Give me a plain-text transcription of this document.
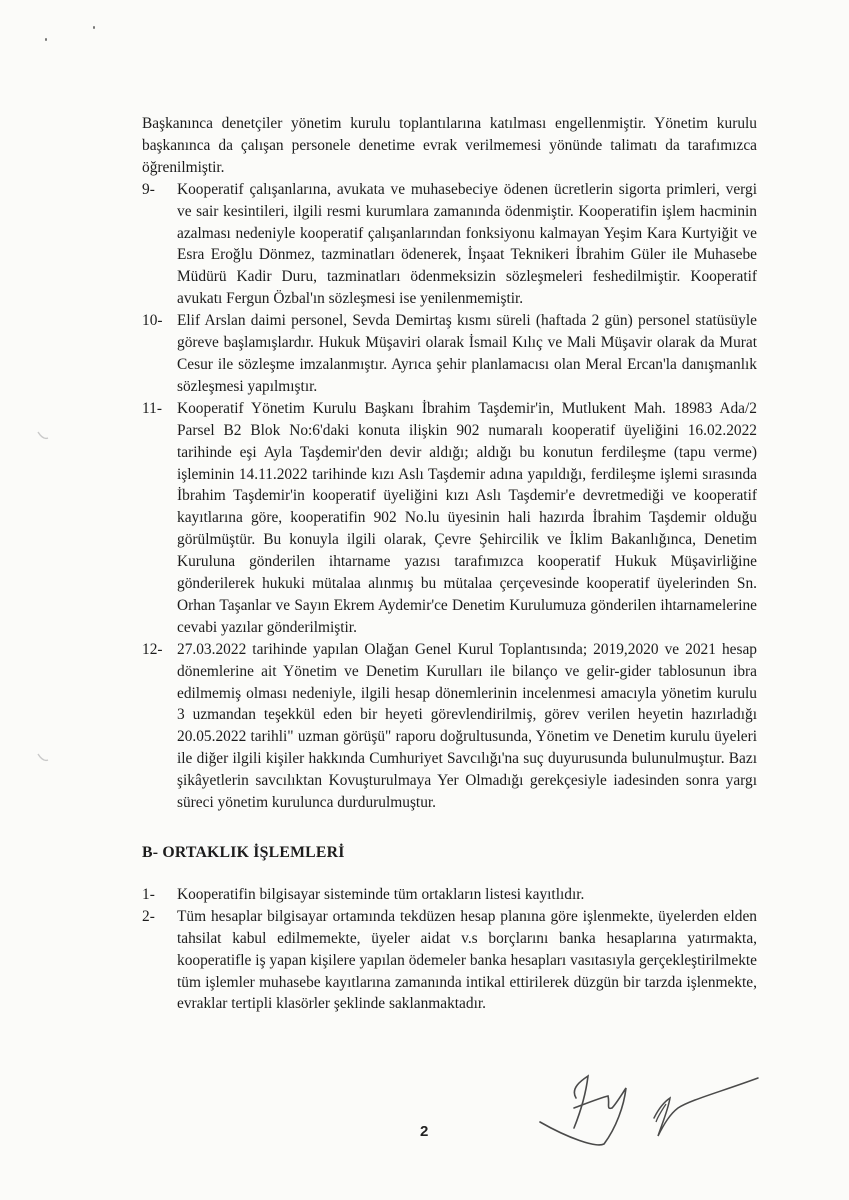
Başkanınca denetçiler yönetim kurulu toplantılarına katılması engellenmiştir. Yönetim kurulu başkanınca da çalışan personele denetime evrak verilmemesi yönünde talimatı da tarafımızca öğrenilmiştir.

9-	Kooperatif çalışanlarına, avukata ve muhasebeciye ödenen ücretlerin sigorta primleri, vergi ve sair kesintileri, ilgili resmi kurumlara zamanında ödenmiştir. Kooperatifin işlem hacminin azalması nedeniyle kooperatif çalışanlarından fonksiyonu kalmayan Yeşim Kara Kurtyiğit ve Esra Eroğlu Dönmez, tazminatları ödenerek, İnşaat Teknikeri İbrahim Güler ile Muhasebe Müdürü Kadir Duru, tazminatları ödenmeksizin sözleşmeleri feshedilmiştir. Kooperatif avukatı Fergun Özbal'ın sözleşmesi ise yenilenmemiştir.
10- Elif Arslan daimi personel, Sevda Demirtaş kısmı süreli (haftada 2 gün) personel statüsüyle göreve başlamışlardır. Hukuk Müşaviri olarak İsmail Kılıç ve Mali Müşavir olarak da Murat Cesur ile sözleşme imzalanmıştır. Ayrıca şehir planlamacısı olan Meral Ercan'la danışmanlık sözleşmesi yapılmıştır.
11- Kooperatif Yönetim Kurulu Başkanı İbrahim Taşdemir'in, Mutlukent Mah. 18983 Ada/2 Parsel B2 Blok No:6'daki konuta ilişkin 902 numaralı kooperatif üyeliğini 16.02.2022 tarihinde eşi Ayla Taşdemir'den devir aldığı; aldığı bu konutun ferdileşme (tapu verme) işleminin 14.11.2022 tarihinde kızı Aslı Taşdemir adına yapıldığı, ferdileşme işlemi sırasında İbrahim Taşdemir'in kooperatif üyeliğini kızı Aslı Taşdemir'e devretmediği ve kooperatif kayıtlarına göre, kooperatifin 902 No.lu üyesinin hali hazırda İbrahim Taşdemir olduğu görülmüştür. Bu konuyla ilgili olarak, Çevre Şehircilik ve İklim Bakanlığınca, Denetim Kuruluna gönderilen ihtarname yazısı tarafımızca kooperatif Hukuk Müşavirliğine gönderilerek hukuki mütalaa alınmış bu mütalaa çerçevesinde kooperatif üyelerinden Sn. Orhan Taşanlar ve Sayın Ekrem Aydemir'ce Denetim Kurulumuza gönderilen ihtarnamelerine cevabi yazılar gönderilmiştir.
12- 27.03.2022 tarihinde yapılan Olağan Genel Kurul Toplantısında; 2019,2020 ve 2021 hesap dönemlerine ait Yönetim ve Denetim Kurulları ile bilanço ve gelir-gider tablosunun ibra edilmemiş olması nedeniyle, ilgili hesap dönemlerinin incelenmesi amacıyla yönetim kurulu 3 uzmandan teşekkül eden bir heyeti görevlendirilmiş, görev verilen heyetin hazırladığı 20.05.2022 tarihli" uzman görüşü" raporu doğrultusunda, Yönetim ve Denetim kurulu üyeleri ile diğer ilgili kişiler hakkında Cumhuriyet Savcılığı'na suç duyurusunda bulunulmuştur. Bazı şikâyetlerin savcılıktan Kovuşturulmaya Yer Olmadığı gerekçesiyle iadesinden sonra yargı süreci yönetim kurulunca durdurulmuştur.
B- ORTAKLIK İŞLEMLERİ
1-	Kooperatifin bilgisayar sisteminde tüm ortakların listesi kayıtlıdır.
2-	Tüm hesaplar bilgisayar ortamında tekdüzen hesap planına göre işlenmekte, üyelerden elden tahsilat kabul edilmemekte, üyeler aidat v.s borçlarını banka hesaplarına yatırmakta, kooperatifle iş yapan kişilere yapılan ödemeler banka hesapları vasıtasıyla gerçekleştirilmekte tüm işlemler muhasebe kayıtlarına zamanında intikal ettirilerek düzgün bir tarzda işlenmekte, evraklar tertipli klasörler şeklinde saklanmaktadır.
2
